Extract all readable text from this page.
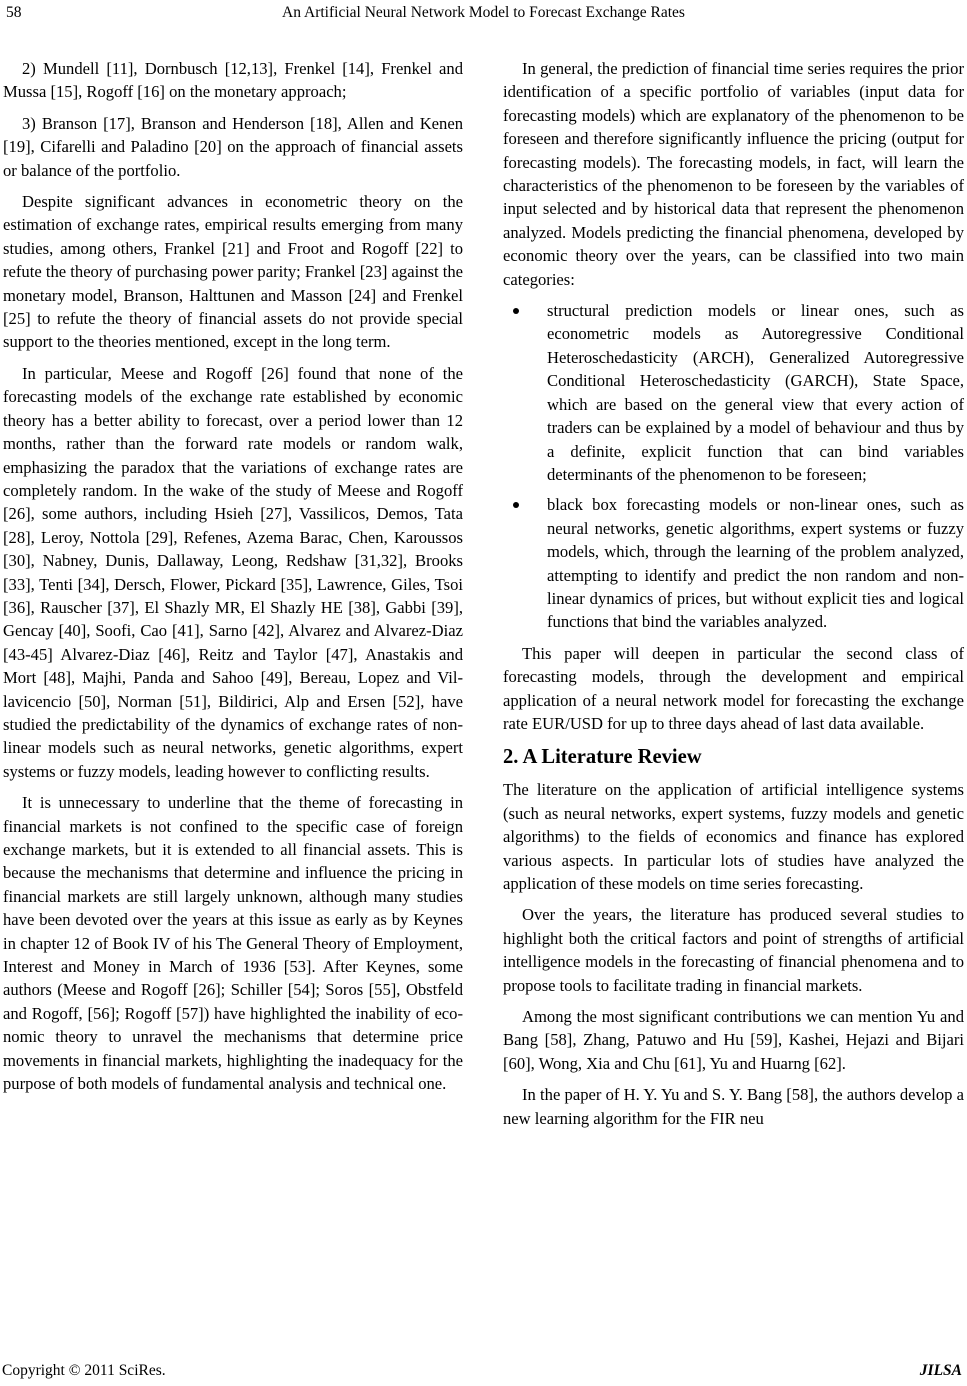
58	An Artificial Neural Network Model to Forecast Exchange Rates

2) Mundell [11], Dornbusch [12,13], Frenkel [14], Frenkel and Mussa [15], Rogoff [16] on the monetary approach;

3) Branson [17], Branson and Henderson [18], Allen and Kenen [19], Cifarelli and Paladino [20] on the approach of financial assets or balance of the portfolio.

Despite significant advances in econometric theory on the estimation of exchange rates, empirical results emerging from many studies, among others, Frankel [21] and Froot and Rogoff [22] to refute the theory of purchasing power parity; Frankel [23] against the monetary model, Branson, Halttunen and Masson [24] and Frenkel [25] to refute the theory of financial assets do not provide special support to the theories mentioned, except in the long term.

In particular, Meese and Rogoff [26] found that none of the forecasting models of the exchange rate established by economic theory has a better ability to forecast, over a period lower than 12 months, rather than the forward rate models or random walk, emphasizing the paradox that the variations of exchange rates are completely random. In the wake of the study of Meese and Rogoff [26], some authors, including Hsieh [27], Vassilicos, Demos, Tata [28], Leroy, Nottola [29], Refenes, Azema Barac, Chen, Karoussos [30], Nabney, Dunis, Dallaway, Leong, Redshaw [31,32], Brooks [33], Tenti [34], Dersch, Flower, Pickard [35], Lawrence, Giles, Tsoi [36], Rauscher [37], El Shazly MR, El Shazly HE [38], Gabbi [39], Gencay [40], Soofi, Cao [41], Sarno [42], Alvarez and Alvarez-Diaz [43-45] Alvarez-Diaz [46], Reitz and Taylor [47], Anastakis and Mort [48], Majhi, Panda and Sahoo [49], Bereau, Lopez and Villavicencio [50], Norman [51], Bildirici, Alp and Ersen [52], have studied the predictability of the dynamics of exchange rates of non-linear models such as neural networks, genetic algorithms, expert systems or fuzzy models, leading however to conflicting results.

It is unnecessary to underline that the theme of forecasting in financial markets is not confined to the specific case of foreign exchange markets, but it is extended to all financial assets. This is because the mechanisms that determine and influence the pricing in financial markets are still largely unknown, although many studies have been devoted over the years at this issue as early as by Keynes in chapter 12 of Book IV of his The General Theory of Employment, Interest and Money in March of 1936 [53]. After Keynes, some authors (Meese and Rogoff [26]; Schiller [54]; Soros [55], Obstfeld and Rogoff, [56]; Rogoff [57]) have highlighted the inability of economic theory to unravel the mechanisms that determine price movements in financial markets, highlighting the inadequacy for the purpose of both models of fundamental analysis and technical one.

In general, the prediction of financial time series requires the prior identification of a specific portfolio of variables (input data for forecasting models) which are explanatory of the phenomenon to be foreseen and therefore significantly influence the pricing (output for forecasting models). The forecasting models, in fact, will learn the characteristics of the phenomenon to be foreseen by the variables of input selected and by historical data that represent the phenomenon analyzed. Models predicting the financial phenomena, developed by economic theory over the years, can be classified into two main categories:

structural prediction models or linear ones, such as econometric models as Autoregressive Conditional Heteroschedasticity (ARCH), Generalized Autoregressive Conditional Heteroschedasticity (GARCH), State Space, which are based on the general view that every action of traders can be explained by a model of behaviour and thus by a definite, explicit function that can bind variables determinants of the phenomenon to be foreseen;
black box forecasting models or non-linear ones, such as neural networks, genetic algorithms, expert systems or fuzzy models, which, through the learning of the problem analyzed, attempting to identify and predict the non random and non-linear dynamics of prices, but without explicit ties and logical functions that bind the variables analyzed.

This paper will deepen in particular the second class of forecasting models, through the development and empirical application of a neural network model for forecasting the exchange rate EUR/USD for up to three days ahead of last data available.

2. A Literature Review

The literature on the application of artificial intelligence systems (such as neural networks, expert systems, fuzzy models and genetic algorithms) to the fields of economics and finance has explored various aspects. In particular lots of studies have analyzed the application of these models on time series forecasting.

Over the years, the literature has produced several studies to highlight both the critical factors and point of strengths of artificial intelligence models in the forecasting of financial phenomena and to propose tools to facilitate trading in financial markets.

Among the most significant contributions we can mention Yu and Bang [58], Zhang, Patuwo and Hu [59], Kashei, Hejazi and Bijari [60], Wong, Xia and Chu [61], Yu and Huarng [62].

In the paper of H. Y. Yu and S. Y. Bang [58], the authors develop a new learning algorithm for the FIR neu

Copyright © 2011 SciRes.	JILSA
